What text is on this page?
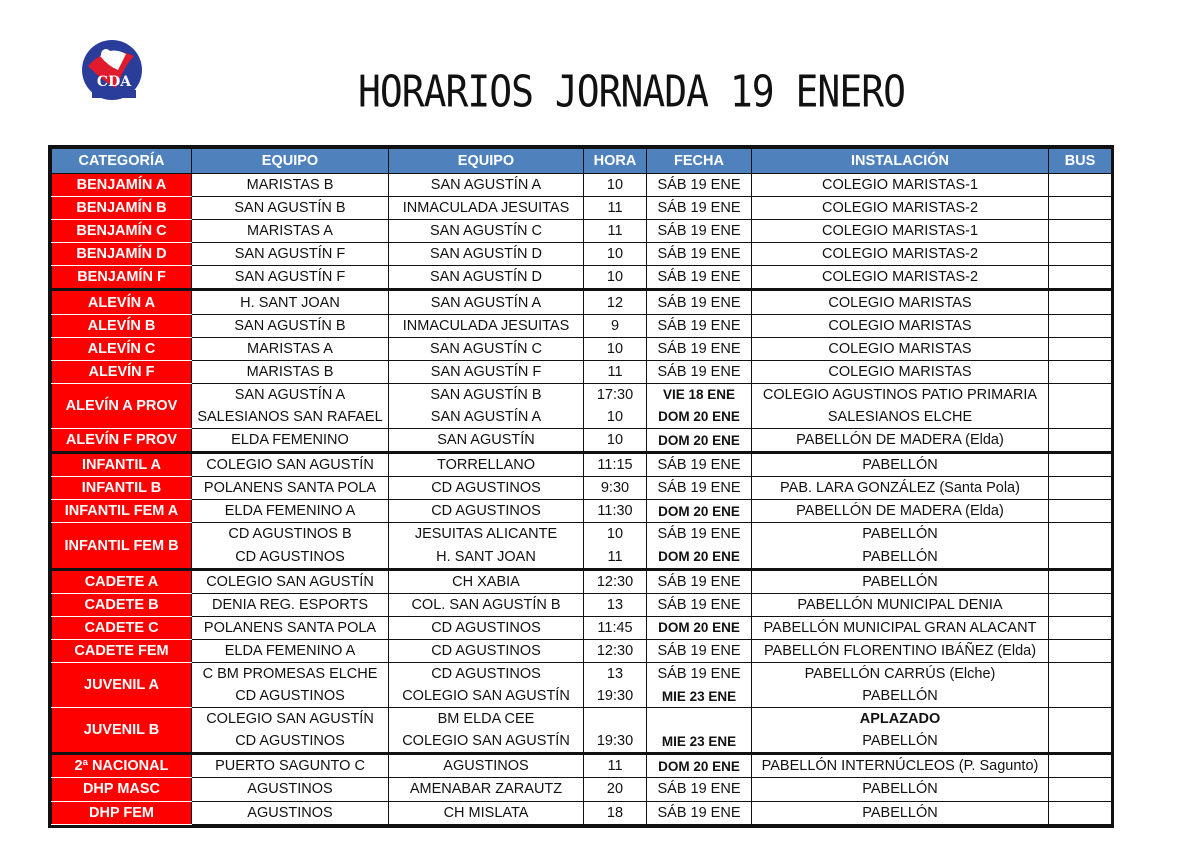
CDA	HORARIOS JORNADA 19 ENERO
CATEGORÍA	EQUIPO	EQUIPO	HORA	FECHA	INSTALACIÓN	BUS
BENJAMÍN A	MARISTAS B	SAN AGUSTÍN A	10	SÁB 19 ENE	COLEGIO MARISTAS-1	
BENJAMÍN B	SAN AGUSTÍN B	INMACULADA JESUITAS	11	SÁB 19 ENE	COLEGIO MARISTAS-2	
BENJAMÍN C	MARISTAS A	SAN AGUSTÍN C	11	SÁB 19 ENE	COLEGIO MARISTAS-1	
BENJAMÍN D	SAN AGUSTÍN F	SAN AGUSTÍN D	10	SÁB 19 ENE	COLEGIO MARISTAS-2	
BENJAMÍN F	SAN AGUSTÍN F	SAN AGUSTÍN D	10	SÁB 19 ENE	COLEGIO MARISTAS-2	
ALEVÍN A	H. SANT JOAN	SAN AGUSTÍN A	12	SÁB 19 ENE	COLEGIO MARISTAS	
ALEVÍN B	SAN AGUSTÍN B	INMACULADA JESUITAS	9	SÁB 19 ENE	COLEGIO MARISTAS	
ALEVÍN C	MARISTAS A	SAN AGUSTÍN C	10	SÁB 19 ENE	COLEGIO MARISTAS	
ALEVÍN F	MARISTAS B	SAN AGUSTÍN F	11	SÁB 19 ENE	COLEGIO MARISTAS	
ALEVÍN A PROV	SAN AGUSTÍN A	SAN AGUSTÍN B	17:30	VIE 18 ENE	COLEGIO AGUSTINOS PATIO PRIMARIA	
	SALESIANOS SAN RAFAEL	SAN AGUSTÍN A	10	DOM 20 ENE	SALESIANOS ELCHE	
ALEVÍN F PROV	ELDA FEMENINO	SAN AGUSTÍN	10	DOM 20 ENE	PABELLÓN DE MADERA (Elda)	
INFANTIL A	COLEGIO SAN AGUSTÍN	TORRELLANO	11:15	SÁB 19 ENE	PABELLÓN	
INFANTIL B	POLANENS SANTA POLA	CD AGUSTINOS	9:30	SÁB 19 ENE	PAB. LARA GONZÁLEZ (Santa Pola)	
INFANTIL FEM A	ELDA FEMENINO A	CD AGUSTINOS	11:30	DOM 20 ENE	PABELLÓN DE MADERA (Elda)	
INFANTIL FEM B	CD AGUSTINOS B	JESUITAS ALICANTE	10	SÁB 19 ENE	PABELLÓN	
	CD AGUSTINOS	H. SANT JOAN	11	DOM 20 ENE	PABELLÓN	
CADETE A	COLEGIO SAN AGUSTÍN	CH XABIA	12:30	SÁB 19 ENE	PABELLÓN	
CADETE B	DENIA REG. ESPORTS	COL. SAN AGUSTÍN B	13	SÁB 19 ENE	PABELLÓN MUNICIPAL DENIA	
CADETE C	POLANENS SANTA POLA	CD AGUSTINOS	11:45	DOM 20 ENE	PABELLÓN MUNICIPAL GRAN ALACANT	
CADETE FEM	ELDA FEMENINO A	CD AGUSTINOS	12:30	SÁB 19 ENE	PABELLÓN FLORENTINO IBÁÑEZ (Elda)	
JUVENIL A	C BM PROMESAS ELCHE	CD AGUSTINOS	13	SÁB 19 ENE	PABELLÓN CARRÚS (Elche)	
	CD AGUSTINOS	COLEGIO SAN AGUSTÍN	19:30	MIE 23 ENE	PABELLÓN	
JUVENIL B	COLEGIO SAN AGUSTÍN	BM ELDA CEE			APLAZADO	
	CD AGUSTINOS	COLEGIO SAN AGUSTÍN	19:30	MIE 23 ENE	PABELLÓN	
2ª NACIONAL	PUERTO SAGUNTO C	AGUSTINOS	11	DOM 20 ENE	PABELLÓN INTERNÚCLEOS (P. Sagunto)	
DHP MASC	AGUSTINOS	AMENABAR ZARAUTZ	20	SÁB 19 ENE	PABELLÓN	
DHP FEM	AGUSTINOS	CH MISLATA	18	SÁB 19 ENE	PABELLÓN	
